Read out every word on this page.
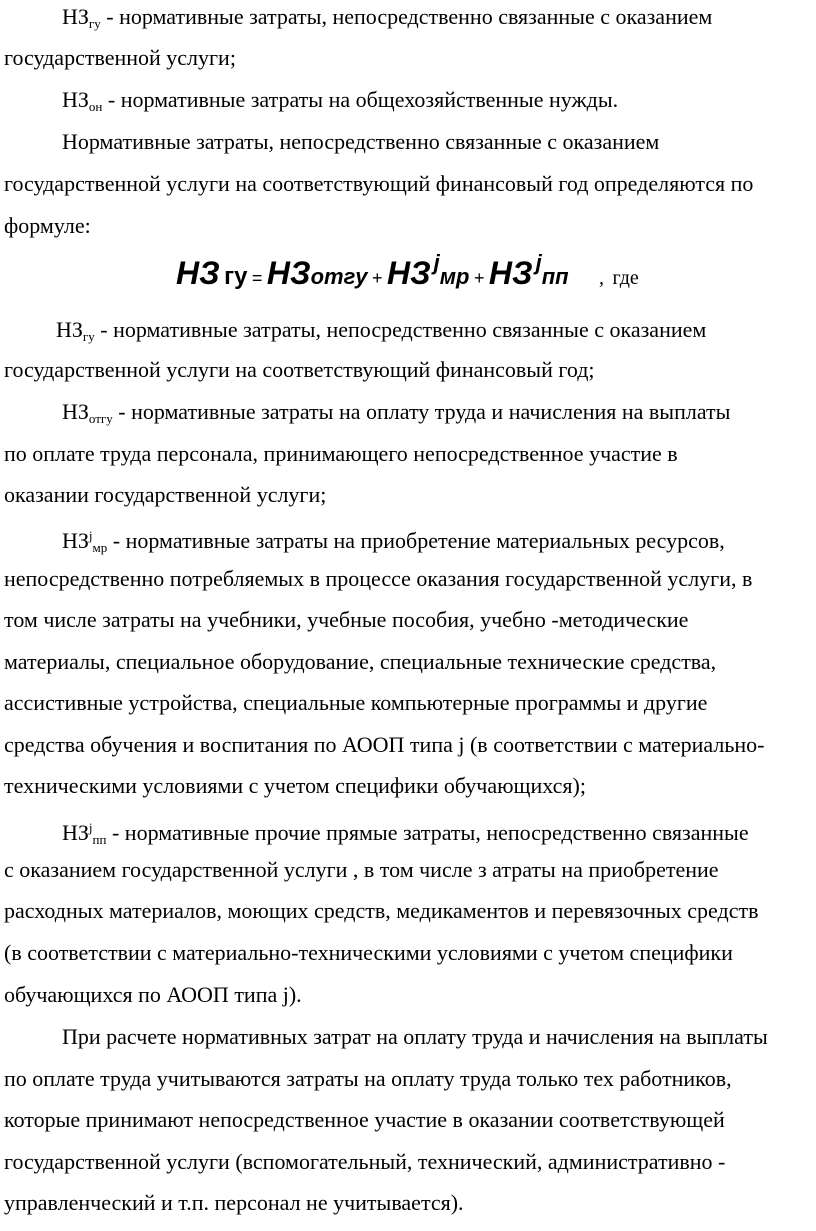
$НЗ_{гу}$ - нормативные затраты, непосредственно связанные с оказанием
государственной услуги;
$НЗ_{он}$ - нормативные затраты на общехозяйственные нужды.
Нормативные затраты, непосредственно связанные с оказанием
государственной услуги на соответствующий финансовый год определяются по
формуле:
НЗ гу = НЗотгу + НЗ jмр + НЗ jпп , где
$НЗ_{гу}$ - нормативные затраты, непосредственно связанные с оказанием
государственной услуги на соответствующий финансовый год;
$НЗ_{отгу}$ - нормативные затраты на оплату труда и начисления на выплаты
по оплате труда персонала, принимающего непосредственное участие в
оказании государственной услуги;
$НЗ^j_{мр}$ - нормативные затраты на приобретение материальных ресурсов,
непосредственно потребляемых в процессе оказания государственной услуги, в
том числе затраты на учебники, учебные пособия, учебно -методические
материалы, специальное оборудование, специальные технические средства,
ассистивные устройства, специальные компьютерные программы и другие
средства обучения и воспитания по АООП типа j (в соответствии с материально-
техническими условиями с учетом специфики обучающихся);
$НЗ^j_{пп}$ - нормативные прочие прямые затраты, непосредственно связанные
с оказанием государственной услуги , в том числе з атраты на приобретение
расходных материалов, моющих средств, медикаментов и перевязочных средств
(в соответствии с материально-техническими условиями с учетом специфики
обучающихся по АООП типа j).
При расчете нормативных затрат на оплату труда и начисления на выплаты
по оплате труда учитываются затраты на оплату труда только тех работников,
которые принимают непосредственное участие в оказании соответствующей
государственной услуги (вспомогательный, технический, административно -
управленческий и т.п. персонал не учитывается).
